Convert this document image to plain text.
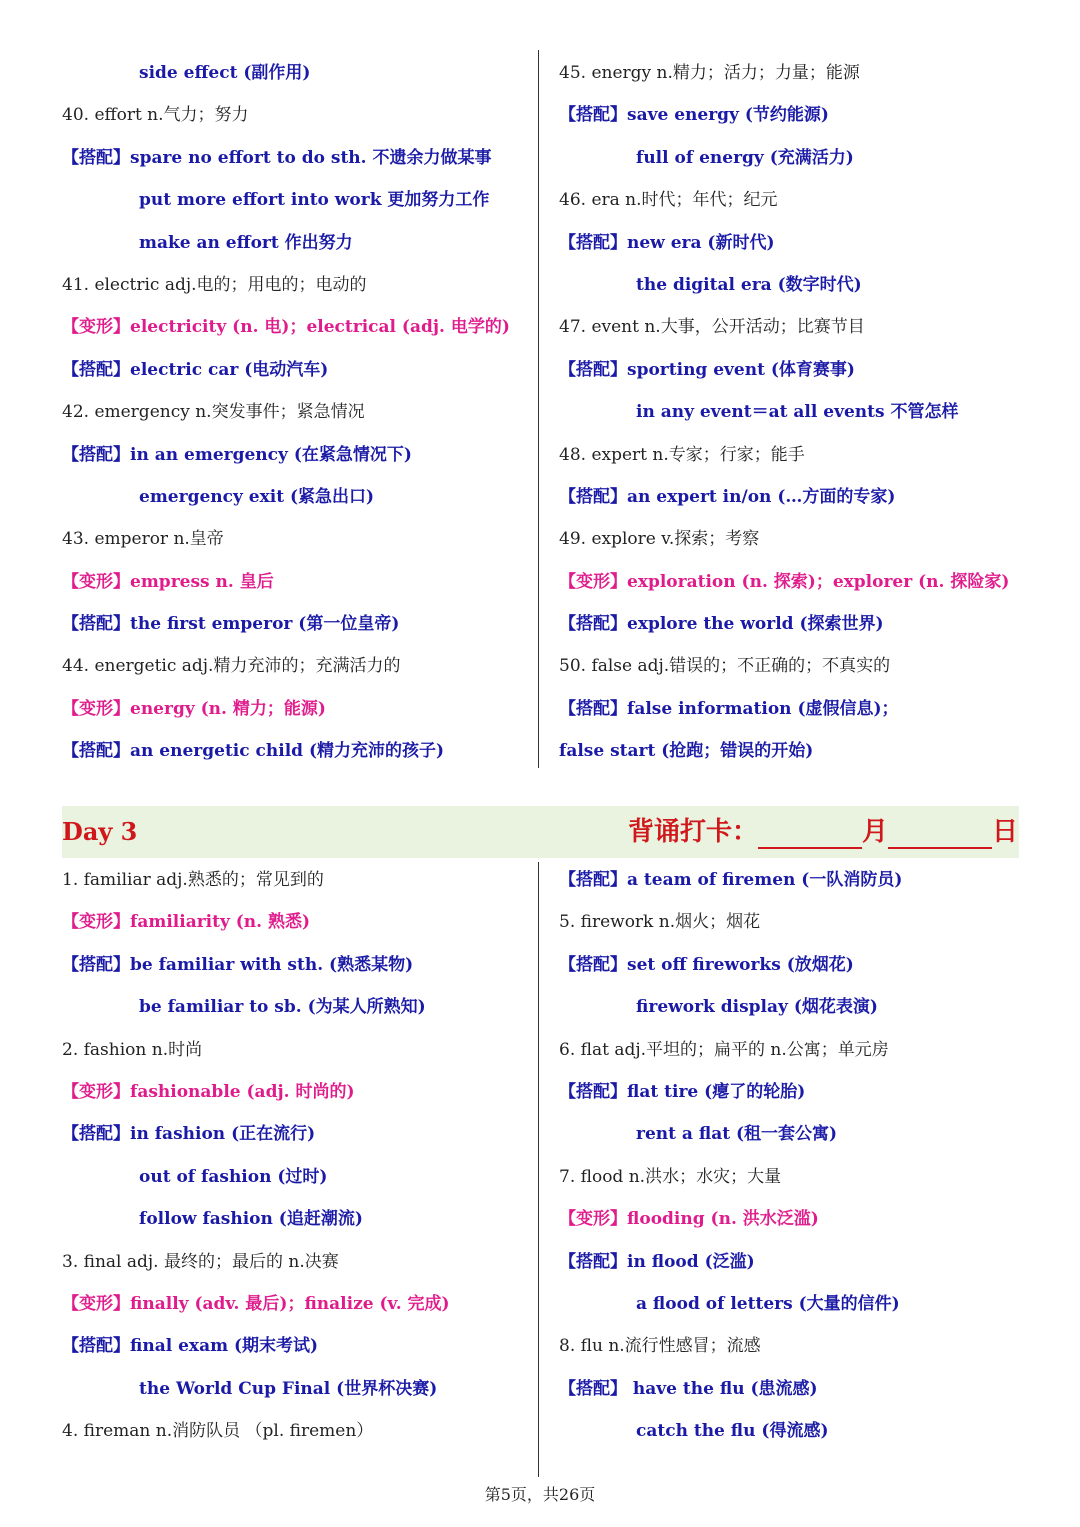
side effect (副作用)
40. effort n.气力；努力
【搭配】spare no effort to do sth. 不遗余力做某事
put more effort into work 更加努力工作
make an effort 作出努力
41. electric adj.电的；用电的；电动的
【变形】electricity (n. 电)；electrical (adj. 电学的)
【搭配】electric car (电动汽车)
42. emergency n.突发事件；紧急情况
【搭配】in an emergency (在紧急情况下)
emergency exit (紧急出口)
43. emperor n.皇帝
【变形】empress n. 皇后
【搭配】the first emperor (第一位皇帝)
44. energetic adj.精力充沛的；充满活力的
【变形】energy (n. 精力；能源)
【搭配】an energetic child (精力充沛的孩子)
45. energy n.精力；活力；力量；能源
【搭配】save energy (节约能源)
full of energy (充满活力)
46. era n.时代；年代；纪元
【搭配】new era (新时代)
the digital era (数字时代)
47. event n.大事，公开活动；比赛节目
【搭配】sporting event (体育赛事)
in any event＝at all events 不管怎样
48. expert n.专家；行家；能手
【搭配】an expert in/on (…方面的专家)
49. explore v.探索；考察
【变形】exploration (n. 探索)；explorer (n. 探险家)
【搭配】explore the world (探索世界)
50. false adj.错误的；不正确的；不真实的
【搭配】false information (虚假信息)；
false start (抢跑；错误的开始)
Day 3	背诵打卡：	月	日
1. familiar adj.熟悉的；常见到的
【变形】familiarity (n. 熟悉)
【搭配】be familiar with sth. (熟悉某物)
be familiar to sb. (为某人所熟知)
2. fashion n.时尚
【变形】fashionable (adj. 时尚的)
【搭配】in fashion (正在流行)
out of fashion (过时)
follow fashion (追赶潮流)
3. final adj. 最终的；最后的 n.决赛
【变形】finally (adv. 最后)；finalize (v. 完成)
【搭配】final exam (期末考试)
the World Cup Final (世界杯决赛)
4. fireman n.消防队员 （pl. firemen）
【搭配】a team of firemen (一队消防员)
5. firework n.烟火；烟花
【搭配】set off fireworks (放烟花)
firework display (烟花表演)
6. flat adj.平坦的；扁平的 n.公寓；单元房
【搭配】flat tire (瘪了的轮胎)
rent a flat (租一套公寓)
7. flood n.洪水；水灾；大量
【变形】flooding (n. 洪水泛滥)
【搭配】in flood (泛滥)
a flood of letters (大量的信件)
8. flu n.流行性感冒；流感
【搭配】 have the flu (患流感)
catch the flu (得流感)
第5页，共26页
